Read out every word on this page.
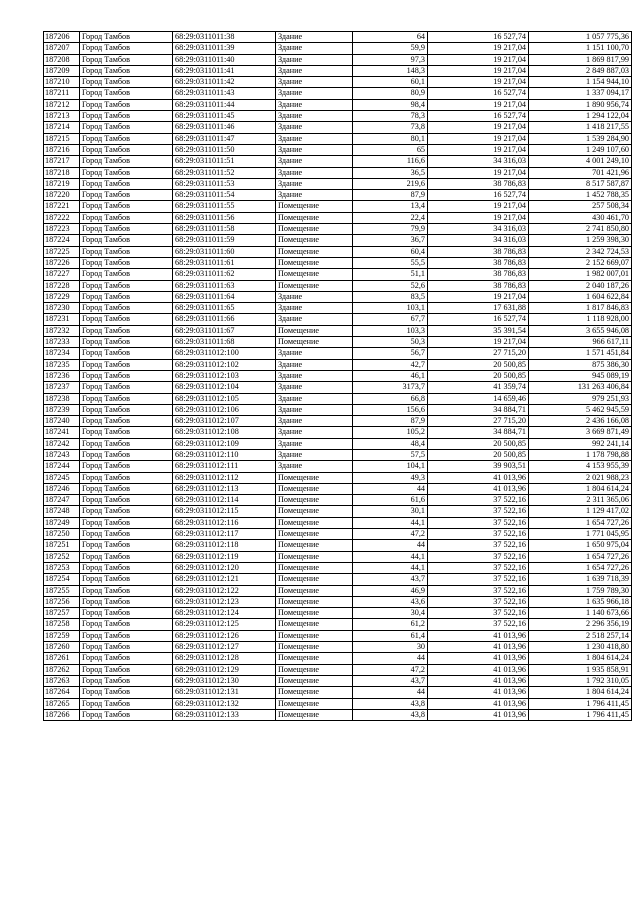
187206	Город Тамбов	68:29:0311011:38	Здание	64	16 527,74	1 057 775,36
187207	Город Тамбов	68:29:0311011:39	Здание	59,9	19 217,04	1 151 100,70
187208	Город Тамбов	68:29:0311011:40	Здание	97,3	19 217,04	1 869 817,99
187209	Город Тамбов	68:29:0311011:41	Здание	148,3	19 217,04	2 849 887,03
187210	Город Тамбов	68:29:0311011:42	Здание	60,1	19 217,04	1 154 944,10
187211	Город Тамбов	68:29:0311011:43	Здание	80,9	16 527,74	1 337 094,17
187212	Город Тамбов	68:29:0311011:44	Здание	98,4	19 217,04	1 890 956,74
187213	Город Тамбов	68:29:0311011:45	Здание	78,3	16 527,74	1 294 122,04
187214	Город Тамбов	68:29:0311011:46	Здание	73,8	19 217,04	1 418 217,55
187215	Город Тамбов	68:29:0311011:47	Здание	80,1	19 217,04	1 539 284,90
187216	Город Тамбов	68:29:0311011:50	Здание	65	19 217,04	1 249 107,60
187217	Город Тамбов	68:29:0311011:51	Здание	116,6	34 316,03	4 001 249,10
187218	Город Тамбов	68:29:0311011:52	Здание	36,5	19 217,04	701 421,96
187219	Город Тамбов	68:29:0311011:53	Здание	219,6	38 786,83	8 517 587,87
187220	Город Тамбов	68:29:0311011:54	Здание	87,9	16 527,74	1 452 788,35
187221	Город Тамбов	68:29:0311011:55	Помещение	13,4	19 217,04	257 508,34
187222	Город Тамбов	68:29:0311011:56	Помещение	22,4	19 217,04	430 461,70
187223	Город Тамбов	68:29:0311011:58	Помещение	79,9	34 316,03	2 741 850,80
187224	Город Тамбов	68:29:0311011:59	Помещение	36,7	34 316,03	1 259 398,30
187225	Город Тамбов	68:29:0311011:60	Помещение	60,4	38 786,83	2 342 724,53
187226	Город Тамбов	68:29:0311011:61	Помещение	55,5	38 786,83	2 152 669,07
187227	Город Тамбов	68:29:0311011:62	Помещение	51,1	38 786,83	1 982 007,01
187228	Город Тамбов	68:29:0311011:63	Помещение	52,6	38 786,83	2 040 187,26
187229	Город Тамбов	68:29:0311011:64	Здание	83,5	19 217,04	1 604 622,84
187230	Город Тамбов	68:29:0311011:65	Здание	103,1	17 631,88	1 817 846,83
187231	Город Тамбов	68:29:0311011:66	Здание	67,7	16 527,74	1 118 928,00
187232	Город Тамбов	68:29:0311011:67	Помещение	103,3	35 391,54	3 655 946,08
187233	Город Тамбов	68:29:0311011:68	Помещение	50,3	19 217,04	966 617,11
187234	Город Тамбов	68:29:0311012:100	Здание	56,7	27 715,20	1 571 451,84
187235	Город Тамбов	68:29:0311012:102	Здание	42,7	20 500,85	875 386,30
187236	Город Тамбов	68:29:0311012:103	Здание	46,1	20 500,85	945 089,19
187237	Город Тамбов	68:29:0311012:104	Здание	3173,7	41 359,74	131 263 406,84
187238	Город Тамбов	68:29:0311012:105	Здание	66,8	14 659,46	979 251,93
187239	Город Тамбов	68:29:0311012:106	Здание	156,6	34 884,71	5 462 945,59
187240	Город Тамбов	68:29:0311012:107	Здание	87,9	27 715,20	2 436 166,08
187241	Город Тамбов	68:29:0311012:108	Здание	105,2	34 884,71	3 669 871,49
187242	Город Тамбов	68:29:0311012:109	Здание	48,4	20 500,85	992 241,14
187243	Город Тамбов	68:29:0311012:110	Здание	57,5	20 500,85	1 178 798,88
187244	Город Тамбов	68:29:0311012:111	Здание	104,1	39 903,51	4 153 955,39
187245	Город Тамбов	68:29:0311012:112	Помещение	49,3	41 013,96	2 021 988,23
187246	Город Тамбов	68:29:0311012:113	Помещение	44	41 013,96	1 804 614,24
187247	Город Тамбов	68:29:0311012:114	Помещение	61,6	37 522,16	2 311 365,06
187248	Город Тамбов	68:29:0311012:115	Помещение	30,1	37 522,16	1 129 417,02
187249	Город Тамбов	68:29:0311012:116	Помещение	44,1	37 522,16	1 654 727,26
187250	Город Тамбов	68:29:0311012:117	Помещение	47,2	37 522,16	1 771 045,95
187251	Город Тамбов	68:29:0311012:118	Помещение	44	37 522,16	1 650 975,04
187252	Город Тамбов	68:29:0311012:119	Помещение	44,1	37 522,16	1 654 727,26
187253	Город Тамбов	68:29:0311012:120	Помещение	44,1	37 522,16	1 654 727,26
187254	Город Тамбов	68:29:0311012:121	Помещение	43,7	37 522,16	1 639 718,39
187255	Город Тамбов	68:29:0311012:122	Помещение	46,9	37 522,16	1 759 789,30
187256	Город Тамбов	68:29:0311012:123	Помещение	43,6	37 522,16	1 635 966,18
187257	Город Тамбов	68:29:0311012:124	Помещение	30,4	37 522,16	1 140 673,66
187258	Город Тамбов	68:29:0311012:125	Помещение	61,2	37 522,16	2 296 356,19
187259	Город Тамбов	68:29:0311012:126	Помещение	61,4	41 013,96	2 518 257,14
187260	Город Тамбов	68:29:0311012:127	Помещение	30	41 013,96	1 230 418,80
187261	Город Тамбов	68:29:0311012:128	Помещение	44	41 013,96	1 804 614,24
187262	Город Тамбов	68:29:0311012:129	Помещение	47,2	41 013,96	1 935 858,91
187263	Город Тамбов	68:29:0311012:130	Помещение	43,7	41 013,96	1 792 310,05
187264	Город Тамбов	68:29:0311012:131	Помещение	44	41 013,96	1 804 614,24
187265	Город Тамбов	68:29:0311012:132	Помещение	43,8	41 013,96	1 796 411,45
187266	Город Тамбов	68:29:0311012:133	Помещение	43,8	41 013,96	1 796 411,45
